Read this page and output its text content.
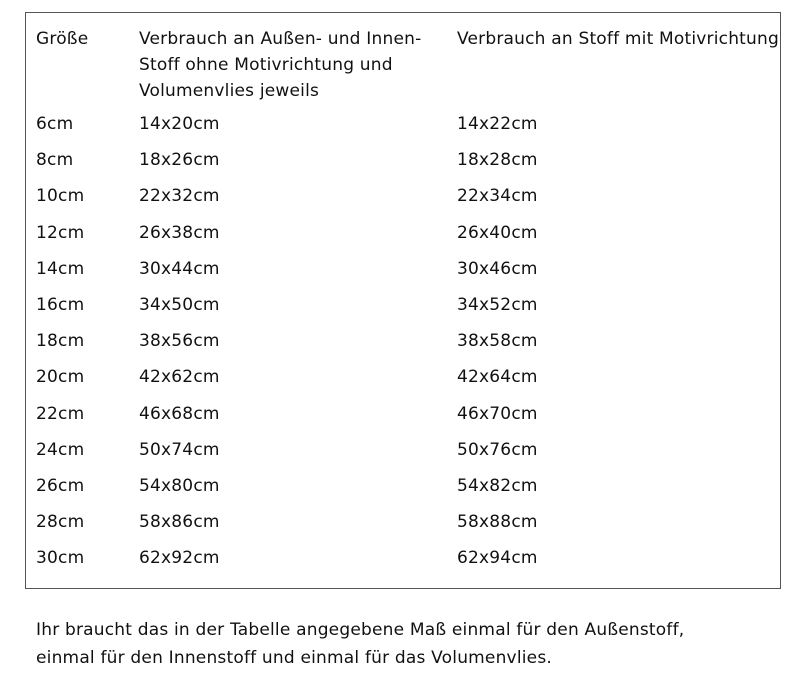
Größe	Verbrauch an Außen- und Innen-Stoff ohne Motivrichtung und Volumenvlies jeweils	Verbrauch an Stoff mit Motivrichtung
6cm	14x20cm	14x22cm
8cm	18x26cm	18x28cm
10cm	22x32cm	22x34cm
12cm	26x38cm	26x40cm
14cm	30x44cm	30x46cm
16cm	34x50cm	34x52cm
18cm	38x56cm	38x58cm
20cm	42x62cm	42x64cm
22cm	46x68cm	46x70cm
24cm	50x74cm	50x76cm
26cm	54x80cm	54x82cm
28cm	58x86cm	58x88cm
30cm	62x92cm	62x94cm
Ihr braucht das in der Tabelle angegebene Maß einmal für den Außenstoff,
einmal für den Innenstoff und einmal für das Volumenvlies.
